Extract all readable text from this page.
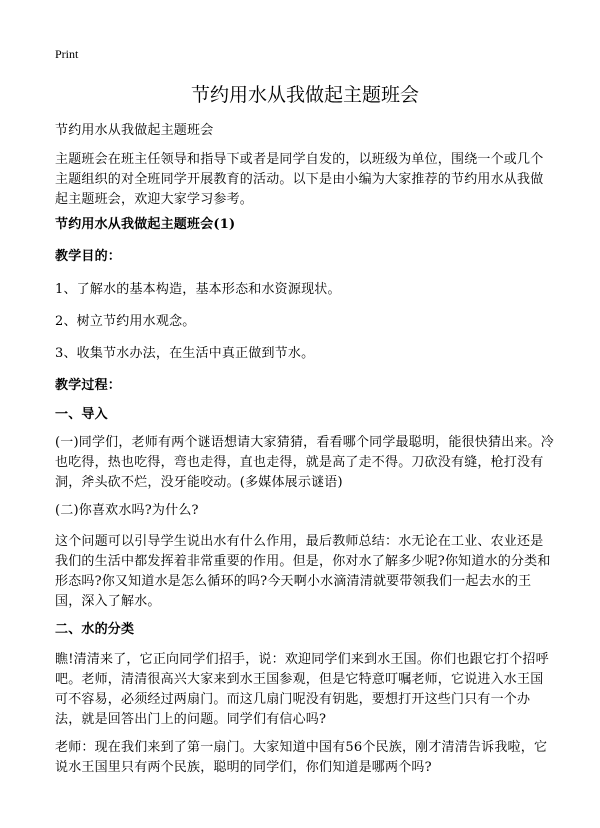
Print
节约用水从我做起主题班会

节约用水从我做起主题班会

主题班会在班主任领导和指导下或者是同学自发的，以班级为单位，围绕一个或几个主题组织的对全班同学开展教育的活动。以下是由小编为大家推荐的节约用水从我做起主题班会，欢迎大家学习参考。

节约用水从我做起主题班会(1)

教学目的：

1、了解水的基本构造，基本形态和水资源现状。

2、树立节约用水观念。

3、收集节水办法，在生活中真正做到节水。

教学过程：

一、导入

(一)同学们，老师有两个谜语想请大家猜猜，看看哪个同学最聪明，能很快猜出来。冷也吃得，热也吃得，弯也走得，直也走得，就是高了走不得。刀砍没有缝，枪打没有洞，斧头砍不烂，没牙能咬动。(多媒体展示谜语)

(二)你喜欢水吗?为什么?

这个问题可以引导学生说出水有什么作用，最后教师总结：水无论在工业、农业还是我们的生活中都发挥着非常重要的作用。但是，你对水了解多少呢?你知道水的分类和形态吗?你又知道水是怎么循环的吗?今天啊小水滴清清就要带领我们一起去水的王国，深入了解水。

二、水的分类

瞧!清清来了，它正向同学们招手，说：欢迎同学们来到水王国。你们也跟它打个招呼吧。老师，清清很高兴大家来到水王国参观，但是它特意叮嘱老师，它说进入水王国可不容易，必须经过两扇门。而这几扇门呢没有钥匙，要想打开这些门只有一个办法，就是回答出门上的问题。同学们有信心吗?

老师：现在我们来到了第一扇门。大家知道中国有56个民族，刚才清清告诉我啦，它说水王国里只有两个民族，聪明的同学们，你们知道是哪两个吗?
